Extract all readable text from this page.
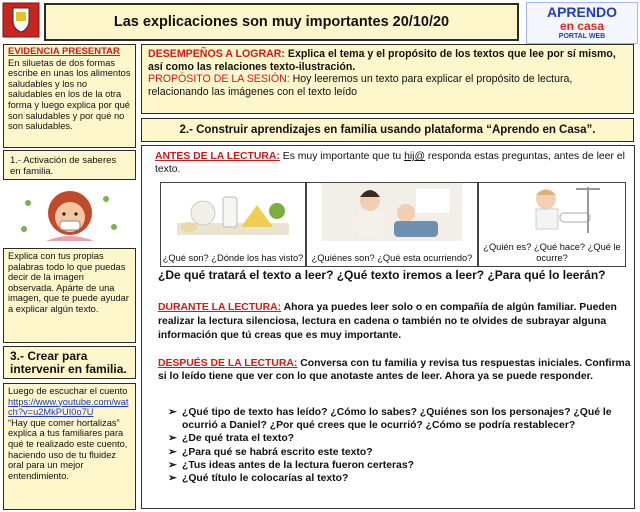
Las explicaciones son muy importantes 20/10/20
APRENDO
en casa
PORTAL WEB
EVIDENCIA PRESENTAR
En siluetas de dos formas escribe en unas los alimentos saludables y los no saludables en los de la otra forma y luego explica por qué son saludables y por qué no son saludables.
1.- Activación de saberes en familia.
Explica con tus propias palabras todo lo que puedas decir de la imagen observada. Apárte de una imagen, que te puede ayudar a explicar algún texto.
3.- Crear para intervenir en familia.
Luego de escuchar el cuento
https://www.youtube.com/watch?v=u2MkPUI0o7U
“Hay que comer hortalizas” explica a tus familiares para qué te realizado este cuento, haciendo uso de tu fluidez oral para un mejor entendimiento.
DESEMPEÑOS A LOGRAR: Explica el tema y el propósito de los textos que lee por sí mismo, así como las relaciones texto-ilustración.
PROPÓSITO DE LA SESIÓN: Hoy leeremos un texto para explicar el propósito de lectura, relacionando las imágenes con el texto leído
2.- Construir aprendizajes en familia usando plataforma “Aprendo en Casa”.
ANTES DE LA LECTURA: Es muy importante que tu hij@ responda estas preguntas, antes de leer el texto.
¿Qué son? ¿Dónde los has visto? ¿Quiénes son? ¿Qué esta ocurriendo?
¿Quién es? ¿Qué hace? ¿Qué le ocurre?
¿De qué tratará el texto a leer? ¿Qué texto iremos a leer? ¿Para qué lo leerán?
DURANTE LA LECTURA: Ahora ya puedes leer solo o en compañía de algún familiar. Pueden realizar la lectura silenciosa, lectura en cadena o también no te olvides de subrayar alguna información que tú creas que es muy importante.
DESPUÉS DE LA LECTURA: Conversa con tu familia y revisa tus respuestas iniciales. Confirma si lo leído tiene que ver con lo que anotaste antes de leer. Ahora ya se puede responder.
➢ ¿Qué tipo de texto has leído? ¿Cómo lo sabes? ¿Quiénes son los personajes? ¿Qué le ocurrió a Daniel? ¿Por qué crees que le ocurrió? ¿Cómo se podría restablecer?
➢ ¿De qué trata el texto?
➢ ¿Para qué se habrá escrito este texto?
➢ ¿Tus ideas antes de la lectura fueron certeras?
➢ ¿Qué título le colocarías al texto?
